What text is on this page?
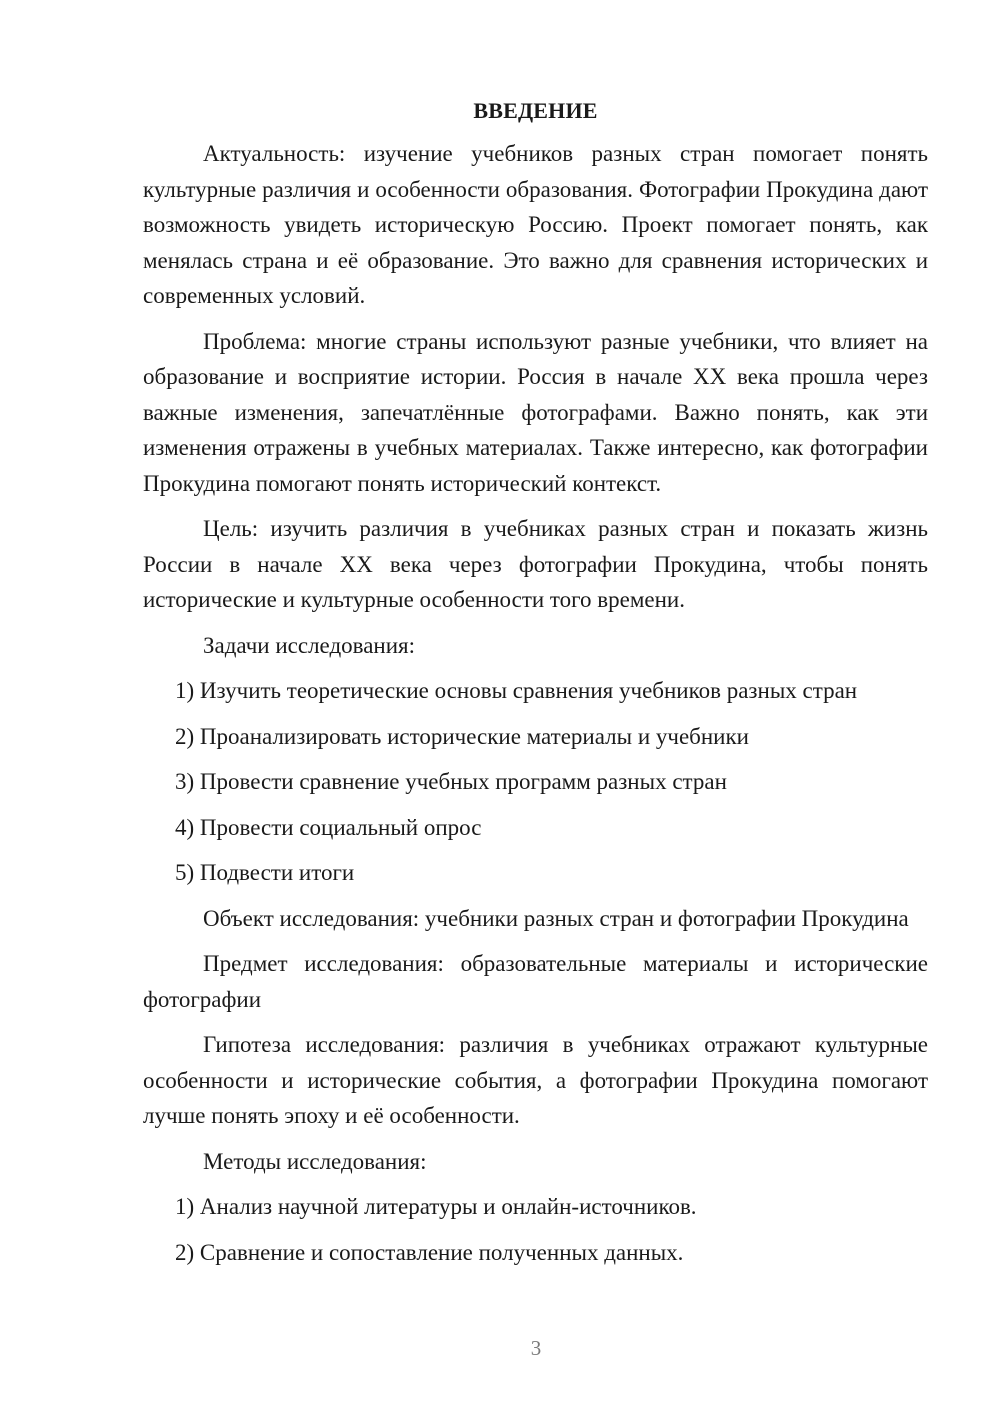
ВВЕДЕНИЕ

Актуальность: изучение учебников разных стран помогает понять культурные различия и особенности образования. Фотографии Прокудина дают возможность увидеть историческую Россию. Проект помогает понять, как менялась страна и её образование. Это важно для сравнения исторических и современных условий.

Проблема: многие страны используют разные учебники, что влияет на образование и восприятие истории. Россия в начале XX века прошла через важные изменения, запечатлённые фотографами. Важно понять, как эти изменения отражены в учебных материалах. Также интересно, как фотографии Прокудина помогают понять исторический контекст.

Цель: изучить различия в учебниках разных стран и показать жизнь России в начале XX века через фотографии Прокудина, чтобы понять исторические и культурные особенности того времени.

Задачи исследования:

1) Изучить теоретические основы сравнения учебников разных стран

2) Проанализировать исторические материалы и учебники

3) Провести сравнение учебных программ разных стран

4) Провести социальный опрос

5) Подвести итоги

Объект исследования: учебники разных стран и фотографии Прокудина

Предмет исследования: образовательные материалы и исторические фотографии

Гипотеза исследования: различия в учебниках отражают культурные особенности и исторические события, а фотографии Прокудина помогают лучше понять эпоху и её особенности.

Методы исследования:

1) Анализ научной литературы и онлайн-источников.

2) Сравнение и сопоставление полученных данных.

3
